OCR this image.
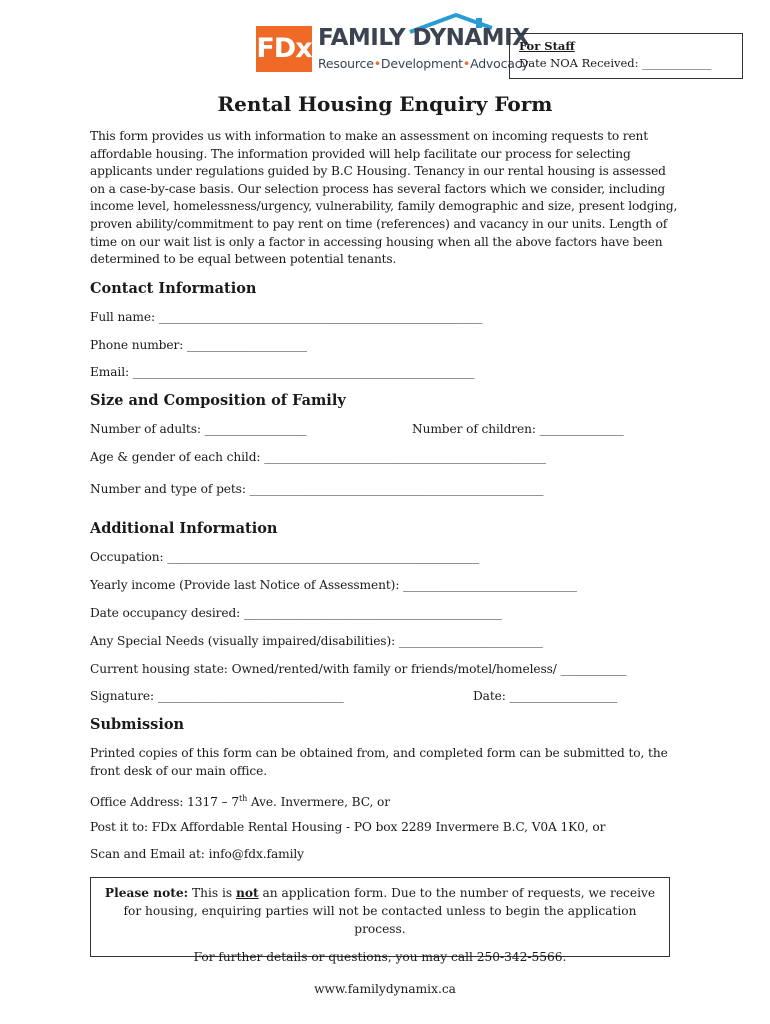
FDx FAMILY DYNAMIX
Resource•Development•Advocacy
For Staff
Date NOA Received: ____________
Rental Housing Enquiry Form

This form provides us with information to make an assessment on incoming requests to rent affordable housing. The information provided will help facilitate our process for selecting applicants under regulations guided by B.C Housing. Tenancy in our rental housing is assessed on a case-by-case basis. Our selection process has several factors which we consider, including income level, homelessness/urgency, vulnerability, family demographic and size, present lodging, proven ability/commitment to pay rent on time (references) and vacancy in our units. Length of time on our wait list is only a factor in accessing housing when all the above factors have been determined to be equal between potential tenants.

Contact Information
Full name: ______________________________________________________
Phone number: ____________________
Email: _________________________________________________________
Size and Composition of Family
Number of adults: _________________	Number of children: ______________
Age & gender of each child: _______________________________________________
Number and type of pets: _________________________________________________
Additional Information
Occupation: ____________________________________________________
Yearly income (Provide last Notice of Assessment): _____________________________
Date occupancy desired: ___________________________________________
Any Special Needs (visually impaired/disabilities): ________________________
Current housing state: Owned/rented/with family or friends/motel/homeless/ ___________
Signature: _______________________________	Date: __________________
Submission

Printed copies of this form can be obtained from, and completed form can be submitted to, the front desk of our main office.

Office Address: 1317 – 7th Ave. Invermere, BC, or
Post it to: FDx Affordable Rental Housing - PO box 2289 Invermere B.C, V0A 1K0, or
Scan and Email at: info@fdx.family
Please note: This is not an application form. Due to the number of requests, we receive for housing, enquiring parties will not be contacted unless to begin the application process.
For further details or questions, you may call 250-342-5566.
www.familydynamix.ca
